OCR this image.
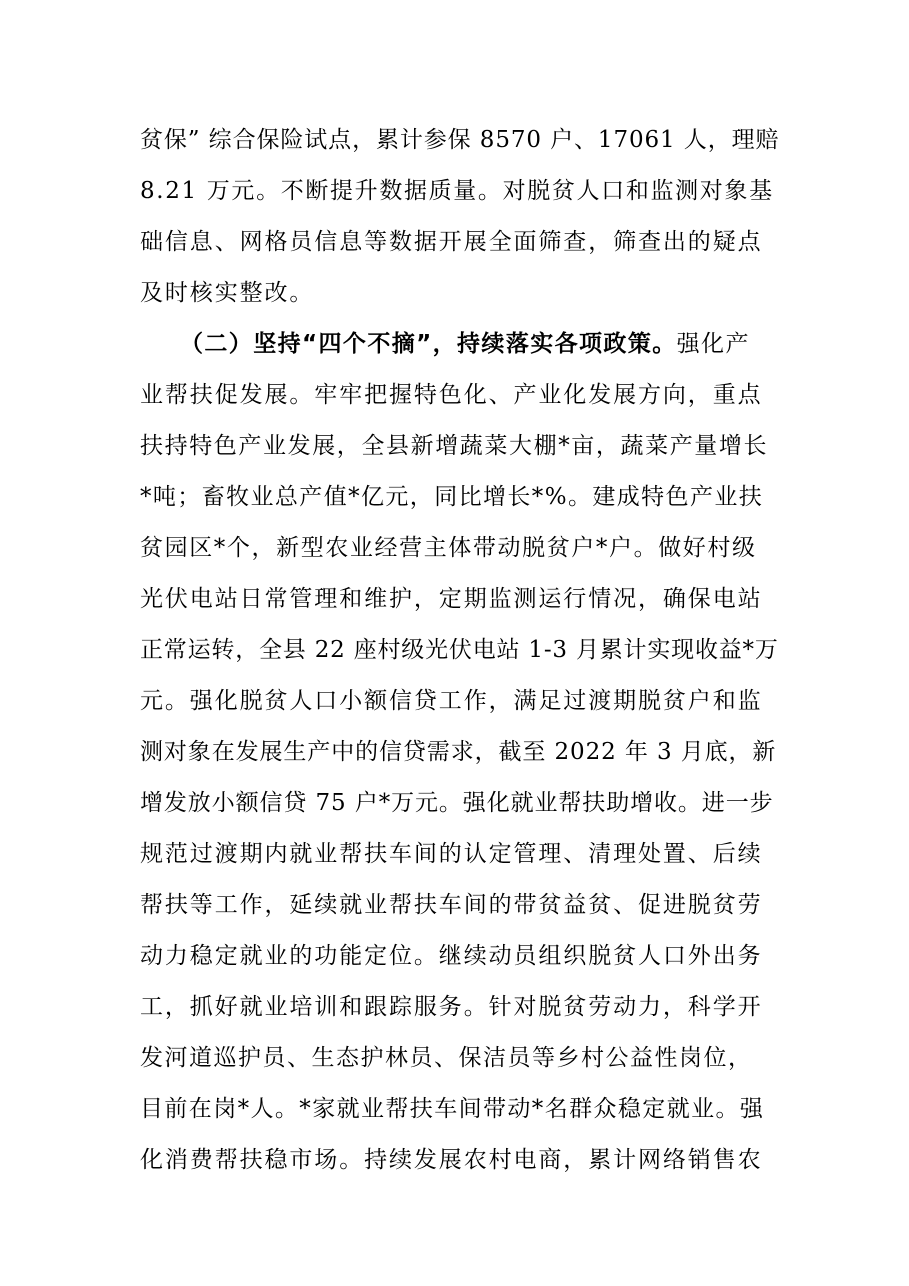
贫保” 综合保险试点，累计参保 8570 户、17061 人，理赔
8.21 万元。不断提升数据质量。对脱贫人口和监测对象基
础信息、网格员信息等数据开展全面筛查，筛查出的疑点
及时核实整改。
（二）坚持“四个不摘”，持续落实各项政策。强化产
业帮扶促发展。牢牢把握特色化、产业化发展方向，重点
扶持特色产业发展，全县新增蔬菜大棚*亩，蔬菜产量增长
*吨；畜牧业总产值*亿元，同比增长*%。建成特色产业扶
贫园区*个，新型农业经营主体带动脱贫户*户。做好村级
光伏电站日常管理和维护，定期监测运行情况，确保电站
正常运转，全县 22 座村级光伏电站 1-3 月累计实现收益*万
元。强化脱贫人口小额信贷工作，满足过渡期脱贫户和监
测对象在发展生产中的信贷需求，截至 2022 年 3 月底，新
增发放小额信贷 75 户*万元。强化就业帮扶助增收。进一步
规范过渡期内就业帮扶车间的认定管理、清理处置、后续
帮扶等工作，延续就业帮扶车间的带贫益贫、促进脱贫劳
动力稳定就业的功能定位。继续动员组织脱贫人口外出务
工，抓好就业培训和跟踪服务。针对脱贫劳动力，科学开
发河道巡护员、生态护林员、保洁员等乡村公益性岗位，
目前在岗*人。*家就业帮扶车间带动*名群众稳定就业。强
化消费帮扶稳市场。持续发展农村电商，累计网络销售农
